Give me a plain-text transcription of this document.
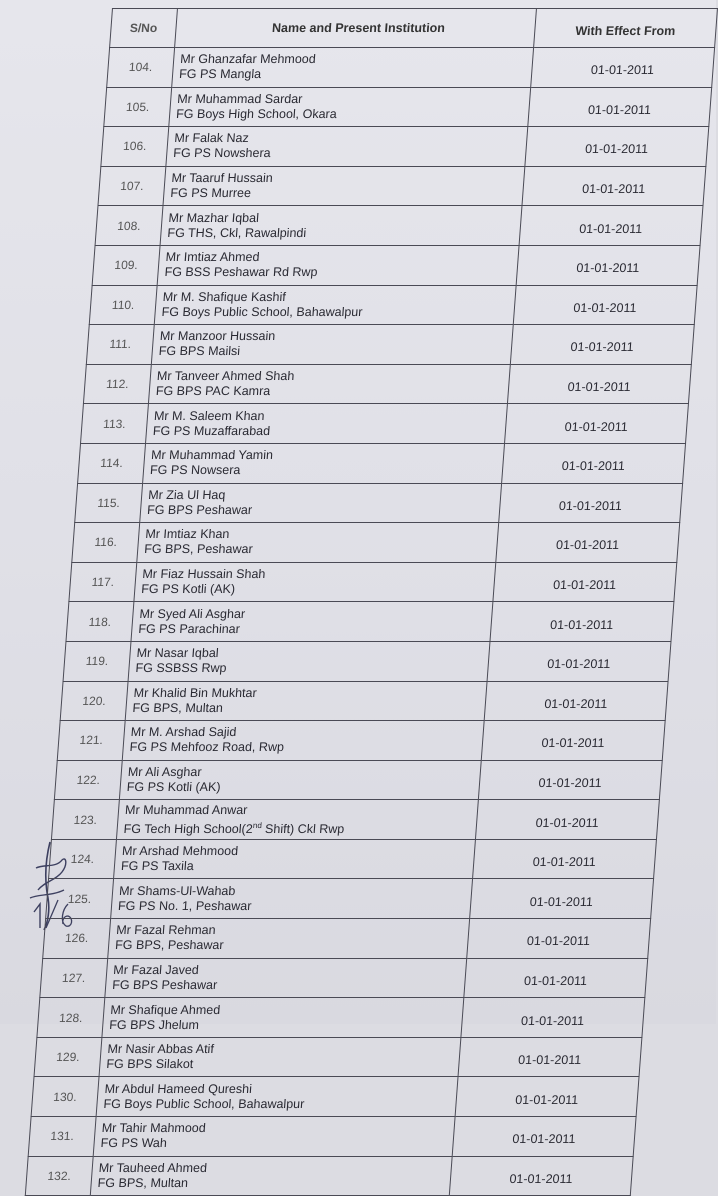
S/No	Name and Present Institution	With Effect From
104.	Mr Ghanzafar Mehmood
FG PS Mangla	01-01-2011
105.	Mr Muhammad Sardar
FG Boys High School, Okara	01-01-2011
106.	Mr Falak Naz
FG PS Nowshera	01-01-2011
107.	Mr Taaruf Hussain
FG PS Murree	01-01-2011
108.	Mr Mazhar Iqbal
FG THS, Ckl, Rawalpindi	01-01-2011
109.	Mr Imtiaz Ahmed
FG BSS Peshawar Rd Rwp	01-01-2011
110.	Mr M. Shafique Kashif
FG Boys Public School, Bahawalpur	01-01-2011
111.	Mr Manzoor Hussain
FG BPS Mailsi	01-01-2011
112.	Mr Tanveer Ahmed Shah
FG BPS PAC Kamra	01-01-2011
113.	Mr M. Saleem Khan
FG PS Muzaffarabad	01-01-2011
114.	Mr Muhammad Yamin
FG PS Nowsera	01-01-2011
115.	Mr Zia Ul Haq
FG BPS Peshawar	01-01-2011
116.	Mr Imtiaz Khan
FG BPS, Peshawar	01-01-2011
117.	Mr Fiaz Hussain Shah
FG PS Kotli (AK)	01-01-2011
118.	Mr Syed Ali Asghar
FG PS Parachinar	01-01-2011
119.	Mr Nasar Iqbal
FG SSBSS Rwp	01-01-2011
120.	Mr Khalid Bin Mukhtar
FG BPS, Multan	01-01-2011
121.	Mr M. Arshad Sajid
FG PS Mehfooz Road, Rwp	01-01-2011
122.	Mr Ali Asghar
FG PS Kotli (AK)	01-01-2011
123.	Mr Muhammad Anwar
FG Tech High School(2nd Shift) Ckl Rwp	01-01-2011
124.	Mr Arshad Mehmood
FG PS Taxila	01-01-2011
125.	Mr Shams-Ul-Wahab
FG PS No. 1, Peshawar	01-01-2011
126.	Mr Fazal Rehman
FG BPS, Peshawar	01-01-2011
127.	Mr Fazal Javed
FG BPS Peshawar	01-01-2011
128.	Mr Shafique Ahmed
FG BPS Jhelum	01-01-2011
129.	Mr Nasir Abbas Atif
FG BPS Silakot	01-01-2011
130.	Mr Abdul Hameed Qureshi
FG Boys Public School, Bahawalpur	01-01-2011
131.	Mr Tahir Mahmood
FG PS Wah	01-01-2011
132.	Mr Tauheed Ahmed
FG BPS, Multan	01-01-2011
